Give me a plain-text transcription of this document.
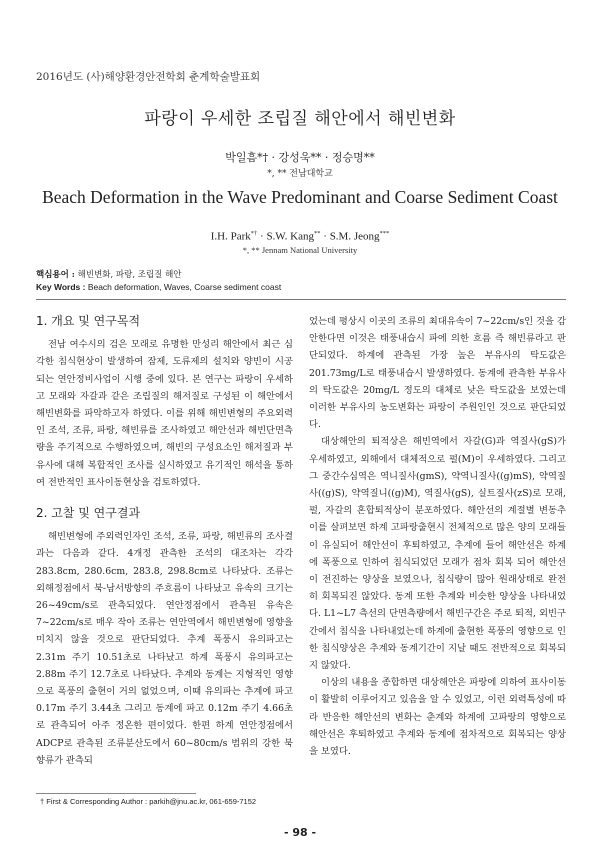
2016년도 (사)해양환경안전학회 춘계학술발표회
파랑이 우세한 조립질 해안에서 해빈변화
박일흠*† · 강성욱** · 정승명**
*, ** 전남대학교
Beach Deformation in the Wave Predominant and Coarse Sediment Coast
I.H. Park*† · S.W. Kang** · S.M. Jeong***
*, ** Jennam National University
핵심용어 : 해빈변화, 파랑, 조립질 해안
Key Words : Beach deformation, Waves, Coarse sediment coast
1. 개요 및 연구목적

전남 여수시의 검은 모래로 유명한 만성리 해안에서 최근 심각한 침식현상이 발생하여 잠제, 도류제의 설치와 양빈이 시공되는 연안정비사업이 시행 중에 있다. 본 연구는 파랑이 우세하고 모래와 자갈과 같은 조립질의 해저질로 구성된 이 해안에서 해빈변화를 파악하고자 하였다. 이를 위해 해빈변형의 주요외력인 조석, 조류, 파랑, 해빈류를 조사하였고 해안선과 해빈단면측량을 주기적으로 수행하였으며, 해빈의 구성요소인 해저질과 부유사에 대해 복합적인 조사를 실시하였고 유기적인 해석을 통하여 전반적인 표사이동현상을 검토하였다.

2. 고찰 및 연구결과

해빈변형에 주외력인자인 조석, 조류, 파랑, 해빈류의 조사결과는 다음과 같다. 4개정 관측한 조석의 대조차는 각각 283.8cm, 280.6cm, 283.8, 298.8cm로 나타났다. 조류는 외해정점에서 북-남서방향의 주흐름이 나타났고 유속의 크기는 26~49cm/s로 관측되었다. 연안정점에서 관측된 유속은 7~22cm/s로 매우 작아 조류는 연안역에서 해빈변형에 영향을 미치지 않을 것으로 판단되었다. 추계 폭풍시 유의파고는 2.31m 주기 10.51초로 나타났고 하계 폭풍시 유의파고는 2.88m 주기 12.7초로 나타났다. 추계와 동계는 지형적인 영향으로 폭풍의 출현이 거의 없었으며, 이때 유의파는 추계에 파고 0.17m 주기 3.44초 그리고 동계에 파고 0.12m 주기 4.66초로 관측되어 아주 정온한 편이었다. 한편 하계 연안정점에서 ADCP로 관측된 조류분산도에서 60~80cm/s 범위의 강한 북향류가 관측되

었는데 평상시 이곳의 조류의 최대유속이 7~22cm/s인 것을 감안한다면 이것은 태풍내습시 파에 의한 흐름 즉 해빈류라고 판단되었다. 하계에 관측된 가장 높은 부유사의 탁도값은 201.73mg/L로 태풍내습시 발생하였다. 동계에 관측한 부유사의 탁도값은 20mg/L 정도의 대체로 낮은 탁도값을 보였는데 이러한 부유사의 농도변화는 파랑이 주원인인 것으로 판단되었다.

대상해안의 퇴적상은 해빈역에서 자갈(G)과 역질사(gS)가 우세하였고, 외해에서 대체적으로 펄(M)이 우세하였다. 그리고 그 중간수심역은 역니질사(gmS), 약역니질사((g)mS), 약역질사((g)S), 약역질니((g)M), 역질사(gS), 실트질사(zS)로 모래, 펄, 자갈의 혼합퇴적상이 분포하였다. 해안선의 계절별 변동추이를 살펴보면 하계 고파랑출현시 전체적으로 많은 양의 모래들이 유실되어 해안선이 후퇴하였고, 추계에 들어 해안선은 하계에 폭풍으로 인하여 침식되었던 모래가 점차 회복 되어 해안선이 전진하는 양상을 보였으나, 침식량이 많아 원래상태로 완전히 회복되진 않았다. 동계 또한 추계와 비슷한 양상을 나타내었다. L1~L7 측선의 단면측량에서 해빈구간은 주로 퇴적, 외빈구간에서 침식을 나타내었는데 하계에 출현한 폭풍의 영향으로 인한 침식양상은 추계와 동계기간이 지날 때도 전반적으로 회복되지 않았다.

이상의 내용을 종합하면 대상해안은 파랑에 의하여 표사이동이 활발히 이루어지고 있음을 알 수 있었고, 이런 외력특성에 따라 반응한 해안선의 변화는 춘계와 하계에 고파랑의 영향으로 해안선은 후퇴하였고 추계와 동계에 점차적으로 회복되는 양상을 보였다.

† First & Corresponding Author : parkih@jnu.ac.kr, 061-659-7152
- 98 -
